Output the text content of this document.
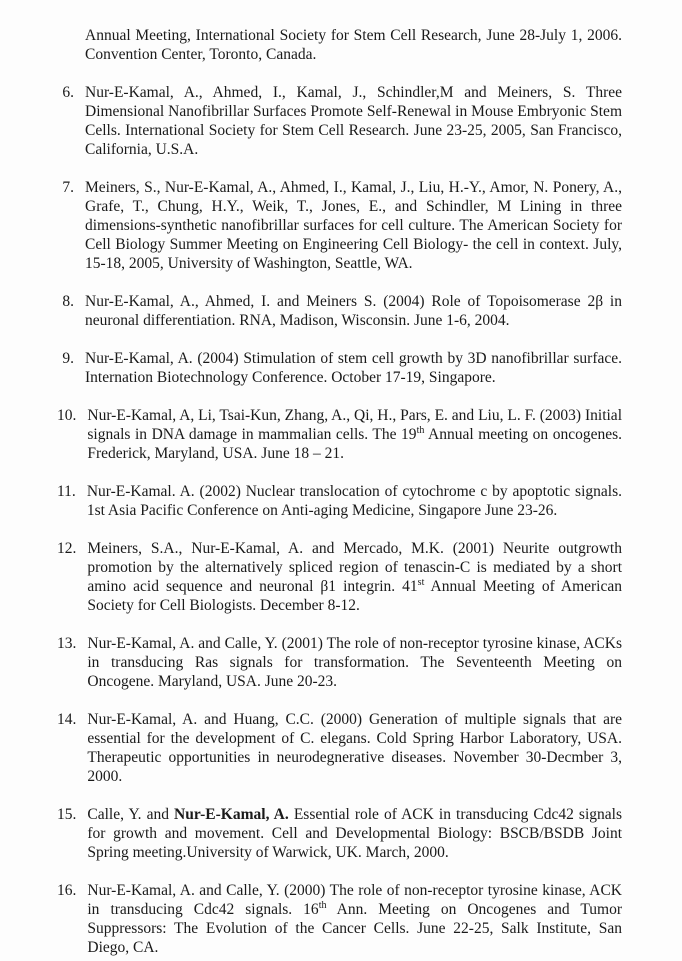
Annual Meeting, International Society for Stem Cell Research, June 28-July 1, 2006. Convention Center, Toronto, Canada.

6. Nur-E-Kamal, A., Ahmed, I., Kamal, J., Schindler,M and Meiners, S. Three Dimensional Nanofibrillar Surfaces Promote Self-Renewal in Mouse Embryonic Stem Cells. International Society for Stem Cell Research. June 23-25, 2005, San Francisco, California, U.S.A.
7. Meiners, S., Nur-E-Kamal, A., Ahmed, I., Kamal, J., Liu, H.-Y., Amor, N. Ponery, A., Grafe, T., Chung, H.Y., Weik, T., Jones, E., and Schindler, M Lining in three dimensions-synthetic nanofibrillar surfaces for cell culture. The American Society for Cell Biology Summer Meeting on Engineering Cell Biology- the cell in context. July, 15-18, 2005, University of Washington, Seattle, WA.
8. Nur-E-Kamal, A., Ahmed, I. and Meiners S. (2004) Role of Topoisomerase 2β in neuronal differentiation. RNA, Madison, Wisconsin. June 1-6, 2004.
9. Nur-E-Kamal, A. (2004) Stimulation of stem cell growth by 3D nanofibrillar surface. Internation Biotechnology Conference. October 17-19, Singapore.
10. Nur-E-Kamal, A, Li, Tsai-Kun, Zhang, A., Qi, H., Pars, E. and Liu, L. F. (2003) Initial signals in DNA damage in mammalian cells. The 19th Annual meeting on oncogenes. Frederick, Maryland, USA. June 18 – 21.
11. Nur-E-Kamal. A. (2002) Nuclear translocation of cytochrome c by apoptotic signals. 1st Asia Pacific Conference on Anti-aging Medicine, Singapore June 23-26.
12. Meiners, S.A., Nur-E-Kamal, A. and Mercado, M.K. (2001) Neurite outgrowth promotion by the alternatively spliced region of tenascin-C is mediated by a short amino acid sequence and neuronal β1 integrin. 41st Annual Meeting of American Society for Cell Biologists. December 8-12.
13. Nur-E-Kamal, A. and Calle, Y. (2001) The role of non-receptor tyrosine kinase, ACKs in transducing Ras signals for transformation. The Seventeenth Meeting on Oncogene. Maryland, USA. June 20-23.
14. Nur-E-Kamal, A. and Huang, C.C. (2000) Generation of multiple signals that are essential for the development of C. elegans. Cold Spring Harbor Laboratory, USA. Therapeutic opportunities in neurodegnerative diseases. November 30-Decmber 3, 2000.
15. Calle, Y. and Nur-E-Kamal, A. Essential role of ACK in transducing Cdc42 signals for growth and movement. Cell and Developmental Biology: BSCB/BSDB Joint Spring meeting.University of Warwick, UK. March, 2000.
16. Nur-E-Kamal, A. and Calle, Y. (2000) The role of non-receptor tyrosine kinase, ACK in transducing Cdc42 signals. 16th Ann. Meeting on Oncogenes and Tumor Suppressors: The Evolution of the Cancer Cells. June 22-25, Salk Institute, San Diego, CA.
